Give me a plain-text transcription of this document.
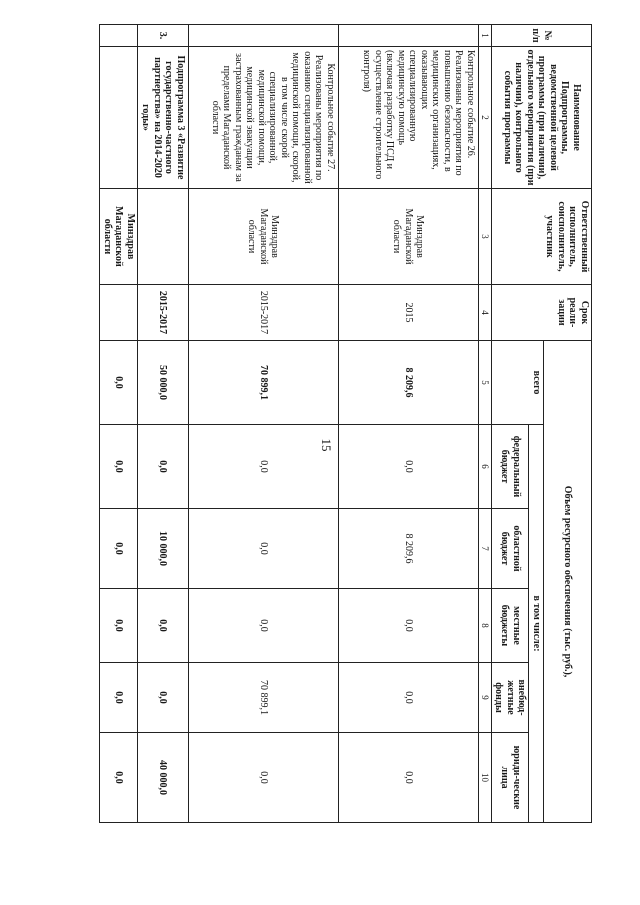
15
№ п/п	Наименование Подпрограммы, ведомственной целевой программы (при наличии), отдельного мероприятия (при наличии), контрольного события программы	Ответственный исполнитель, соисполнитель, участник	Срок реали-зации	Объем ресурсного обеспечения (тыс. руб.),					
				всего	в том числе:				
					федеральный бюджет	областной бюджет	местные бюджеты	внебюд-жетные фонды	юриди-ческие лица
1	2	3	4	5	6	7	8	9	10
	Контрольное событие 26. Реализованы мероприятия по повышению безопасности, в медицинских организациях, оказывающих специализированную медицинскую помощь (включая разработку ПСД и осуществление строительного контроля)	Минздрав Магаданской области	2015	8 209,6	0,0	8 209,6	0,0	0,0	0,0
	Контрольное событие 27. Реализованы мероприятия по оказанию специализированной медицинской помощи, скорой, в том числе скорой специализированной, медицинской помощи, медицинской эвакуации застрахованным гражданам за пределами Магаданской области	Минздрав Магаданской области	2015-2017	70 899,1	0,0	0,0	0,0	70 899,1	0,0
3.	Подпрограмма 3 «Развитие государственно-частного партнерства» на 2014-2020 годы»		2015-2017	50 000,0	0,0	10 000,0	0,0	0,0	40 000,0
		Минздрав Магаданской области		0,0	0,0	0,0	0,0	0,0	0,0
